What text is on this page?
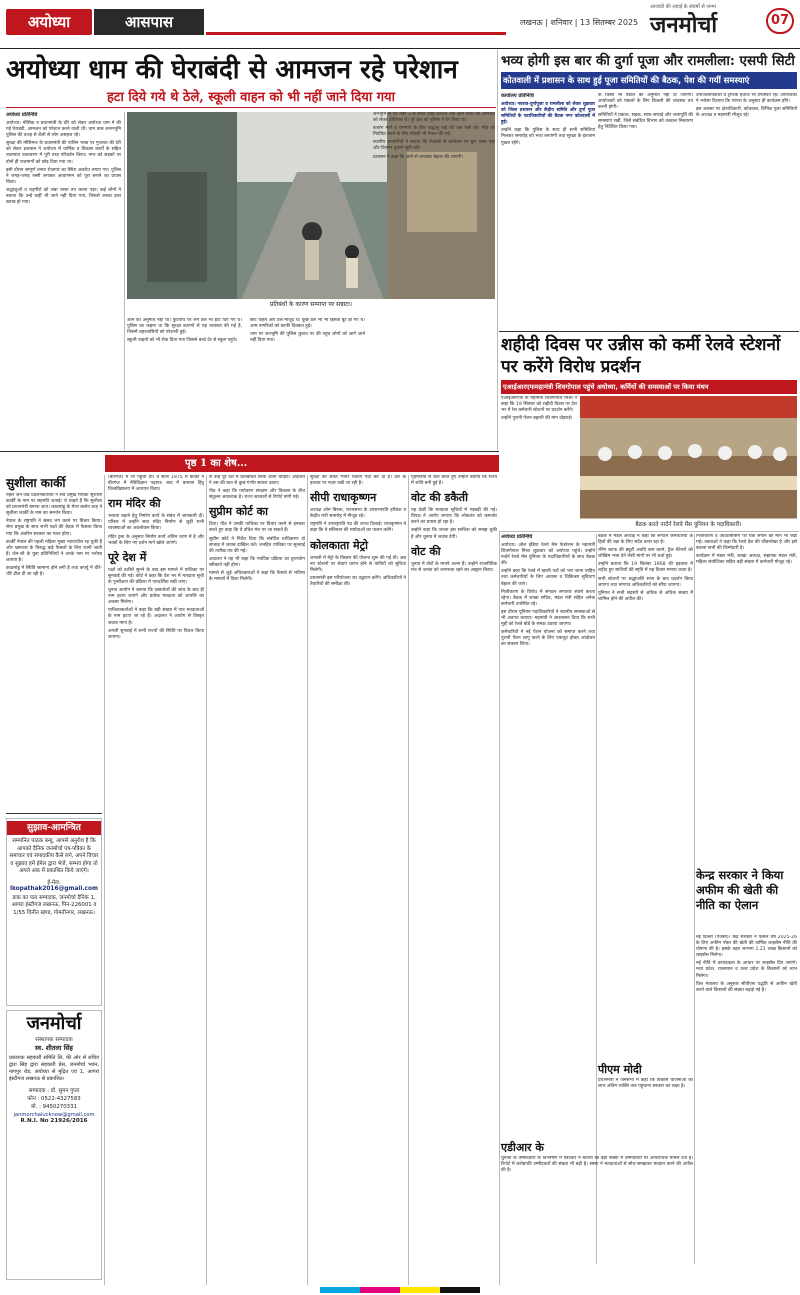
अयोध्या	आसपास	लखनऊ | शनिवार | 13 सितम्बर 2025
आजादी की लड़ाई के संघर्षों से जन्मा
जनमोर्चा	07
अयोध्या धाम की घेराबंदी से आमजन रहे परेशान
हटा दिये गये थे ठेले, स्कूली वाहन को भी नहीं जाने दिया गया
अयोध्या प्रतिनिधि

अयोध्या। मौसिक व प्रधानमंत्री के दौरे को लेकर अयोध्या धाम में की गई घेराबंदी, आमजन को परेशान करने वाली थी। धाम वास जनमभूमि पुलिस की वजह से शैली से लोग असहज रहे।

सुरक्षा की मौसिमज के प्रधानमंत्री की पालिन भक्त पर गुजरात की देरी को लेकर प्रशासन ने अयोध्या में धार्मिक व विकास कार्यों के सहित यातायात वातावरण में पूरी तरह परिवर्तन किया। नगर को सड़कों पर दोनों ही राजमार्गों को छोड़ दिया गया था।

इसी दौरान सम्पूर्ण तनाव रोज़गार का स्थिरा अवरोध लगाए गए। पुलिस ने जगह-जगह रस्सी लगाकर आवागमन को पूरा बनाने का प्रयास किया।

श्रद्धालुओं व राहगीरों को लंबा रास्ता तय करना पड़ा। कई लोगों ने बताया कि उन्हें कहीं भी जाने नहीं दिया गया, जिससे उनका हाल खराब हो गया।

प्रतिबंधों के कारण सम्पाप्त पर सन्नाटा।

आने की अनुमति नहीं थी। फुटपाथ पर लगे ठेले भी हटा दिए गए थे। पुलिस का कहना था कि सुरक्षा कारणों से यह व्यवस्था की गई है, जिसमें शहरवासियों को परेशानी हुई।

स्कूली वाहनों को भी रोक दिया गया जिससे बच्चे देर से स्कूल पहुंचे।

छोटे वाहन और ठेले मौजूद थे। कुछ ठेले भी भी हिंसक बूटे हो गए थे। आम नागरिकों को काफी दिक्कत हुई।

धाम पर जनभूमि की पुलिस कुटाव पर की पहुंच लोगों को आगे जाने नहीं दिया गया।

जनभूमि के गेट नंबर 3 से लेकर देखी काजल तक आने वालों को आमजन को लेकर होशियार थे। पूरे क्षेत्र को पुलिस ने घेर लिया था।

बजरंग मार्ग व राममार्ग के बीच श्रद्धालु कई घंटे तक फंसे रहे। भीड़ को नियंत्रित करने के लिए पीएसी भी तैनात की गई।

स्थानीय व्यापारियों ने बताया कि घेराबंदी से कारोबार पर बुरा असर पड़ा और दिनभर दुकानें सूनी रहीं।

प्रशासन ने कहा कि आगे से व्यवस्था बेहतर की जाएगी।

भव्य होगी इस बार की दुर्गा पूजा और रामलीला: एसपी सिटी
कोतवाली में प्रशासन के साथ हुई पूजा समितियों की बैठक, पेश की गयीं समस्याएं
कार्यालय प्रतिनिधि

अयोध्या। नवरात्र-दुर्गापूजा व रामलीला को लेकर शुक्रवार को जिला प्रशासन और केंद्रीय समिति और दुर्गा पूजा समितियों के पदाधिकारियों की बैठक नगर कोतवाली में हुई।

उन्होंने कहा कि पुलिस के साथ ही सभी समितियां मिलकर समारोह को भव्य बनाएंगी तथा सुरक्षा के इंतजाम पुख्ता रहेंगे।

के किसी भी पंडाल की अनुमति नहीं दी जाएगी। आयोजकों को पंडालों के लिए बिजली की व्यवस्था तय करनी होगी।

समितियों ने प्रकाश, सड़क, साफ-सफाई और जलापूर्ति की समस्याएं रखीं, जिसे संबंधित विभाग को तत्काल निस्तारण हेतु निर्देशित किया गया।

उपजिलाधिकारी व ट्रैफिक इंचार्ज भी उपस्थित रहे। आयोजकों ने भरोसा दिलाया कि परंपरा के अनुसार ही कार्यक्रम होंगे।

इस अवसर पर क्षेत्राधिकारी, कोतवाल, विभिन्न पूजा समितियों के अध्यक्ष व महामंत्री मौजूद रहे।

शहीदी दिवस पर उन्नीस को कर्मी रेलवे स्टेशनों पर करेंगे विरोध प्रदर्शन
एआईआरएफमहामंत्री शिवगोपाल पहुंचे अयोध्या, कर्मियों की समस्याओं पर किया मंथन
बैठक करते नार्दर्न रेलवे मेंस यूनियन के पदाधिकारी।

एआईआरएफ के महामंत्री शिवगोपाल मिश्रा ने कहा कि 19 सितंबर को शहीदी दिवस पर देश भर में रेल कर्मचारी स्टेशनों पर प्रदर्शन करेंगे।

उन्होंने पुरानी पेंशन बहाली की मांग दोहराई।

अयोध्या प्रतिनिधि

अयोध्या। ऑल इंडिया रेलवे मेंस फेडरेशन के महामंत्री शिवगोपाल मिश्रा शुक्रवार को अयोध्या पहुंचे। उन्होंने नार्दर्न रेलवे मेंस यूनियन के पदाधिकारियों के साथ बैठक की।

उन्होंने कहा कि रेलवे में खाली पदों को भरा जाना चाहिए तथा कर्मचारियों के लिए आवास व चिकित्सा सुविधाएं बेहतर की जाएं।

निजीकरण के विरोध में संगठन लगातार संघर्ष करता रहेगा। बैठक में शाखा सचिव, मंडल मंत्री सहित अनेक कर्मचारी उपस्थित रहे।

इस दौरान यूनियन पदाधिकारियों ने स्थानीय समस्याओं से भी अवगत कराया। महामंत्री ने आश्वासन दिया कि सभी मुद्दों को रेलवे बोर्ड के समक्ष उठाया जाएगा।

कर्मचारियों ने नई पेंशन योजना को समाप्त करने तथा पुरानी पेंशन लागू करने के लिए एकजुट होकर आंदोलन का संकल्प लिया।

बैठक में मंडल अध्यक्ष ने कहा कि संगठन कर्मचारियों के हितों की रक्षा के लिए सदैव तत्पर रहा है।

रनिंग स्टाफ की ड्यूटी अवधि कम करने, ट्रैक मेंटेनरों को जोखिम भत्ता देने जैसी मांगों पर भी चर्चा हुई।

उन्होंने बताया कि 19 सितंबर 1968 की हड़ताल में शहीद हुए साथियों की स्मृति में यह दिवस मनाया जाता है।

सभी स्टेशनों पर श्रद्धांजलि सभा के बाद प्रदर्शन किया जाएगा तथा मांगपत्र अधिकारियों को सौंपा जाएगा।

यूनियन ने सभी सदस्यों से अधिक से अधिक संख्या में शामिल होने की अपील की।

निजीकरण व आउटसोर्सिंग पर रोक लगाने की मांग भी रखी गई। वक्ताओं ने कहा कि रेलवे देश की जीवनरेखा है और इसे बचाना सभी की जिम्मेदारी है।

कार्यक्रम में मंडल मंत्री, शाखा अध्यक्ष, सहायक मंडल मंत्री, महिला संयोजिका सहित बड़ी संख्या में कर्मचारी मौजूद रहे।

केन्द्र सरकार ने किया अफीम की खेती की नीति का ऐलान

नई दिल्ली (एजेंसी)। केंद्र सरकार ने फसल वर्ष 2025-26 के लिए अफीम पोस्त की खेती की वार्षिक लाइसेंस नीति की घोषणा की है। इसके तहत लगभग 1.21 लाख किसानों को लाइसेंस मिलेगा।

नई नीति में उत्पादकता के आधार पर लाइसेंस दिए जाएंगे। मध्य प्रदेश, राजस्थान व उत्तर प्रदेश के किसानों को लाभ मिलेगा।

वित्त मंत्रालय के अनुसार सीपीएस पद्धति से अफीम खेती करने वाले किसानों की संख्या बढ़ाई गई है।

पृष्ठ 1 का शेष...
सुशीला कार्की

पहले जेन-जेड प्रदर्शनकारियों ने सर्व प्रमुख मेरिका सुशीला कार्की के नाम पर सहमति जताई। चे चाहते हैं कि सुशीला को प्रधानमंत्री बनाया जाए। काठमांडू के मेयर बालेन शाह ने सुशीला कार्की के नाम का समर्थन किया।

नेपाल के राष्ट्रपति ने संसद भंग करने पर विचार किया। सेना प्रमुख के साथ सभी पक्षों की बैठक में फैसला किया गया कि अंतरिम सरकार का गठन होगा।

कार्की नेपाल की पहली महिला मुख्य न्यायाधीश रह चुकी हैं और भ्रष्टाचार के विरुद्ध कड़े फैसलों के लिए जानी जाती हैं। जेन-जी के युवा प्रतिनिधियों ने उनके नाम पर भरोसा जताया है।

काठमांडू में स्थिति सामान्य होने लगी है तथा कर्फ्यू में धीरे-धीरे ढील दी जा रही है।

सुझाव-आमन्त्रित
सम्मानित पाठक बन्धु, आपसे अनुरोध है कि आपको दैनिक जनमोर्चा पत्र-पत्रिका के समाचार एवं संपादकीय कैसे लगे, अपने विचार व सुझाव हमें ईमेल द्वारा भेजें, सम्भव होगा तो अगले अंक में प्रकाशित किये जाएंगे।
ई-मेल:
lkopathak2016@gmail.com
डाक का पता सम्पादक, जनमोर्चा दैनिक 1, आगरा इंस्टीगज लखनऊ, पिन-226001 व 1/55 विनीत खण्ड, गोमतीनगर, लखनऊ।
जनमोर्चा
संस्थापक सम्पादक
स्व. शीतला सिंह
प्रकाशक सहकारी समिति लि. की ओर से सचिव द्वारा सिंह द्वारा सहकारी प्रेस, जनमोर्चा भवन, नागपुर रोड, अयोध्या से मुद्रित एवं 1, आगरा इंस्टीगज लखनऊ से प्रकाशित।
सम्पादक : डॉ. सुमन गुप्ता
फोन : 0522-4327583
मो. : 9450270331
janmorchalucknow@gmail.com
R.N.I. No 21926/2016

(बीरगंज) में भी पहुंची थी। वे साल 1975 में कार्की ने बीरगंज में नेतिविज्ञान पढ़ाया। बाद में बनारस हिंदू विश्वविद्यालय में अध्ययन किया।

राम मंदिर की

भव्यता बढ़ाने हेतु निर्माण कार्य के संबंध में जानकारी दी। परिसर में उन्होंने सात मंदिर निर्माण से जुड़ी सभी व्यवस्थाओं का अवलोकन किया।

मंदिर ट्रस्ट के अनुसार निर्माण कार्य अंतिम चरण में है और भक्तों के लिए नए दर्शन मार्ग खोले जाएंगे।

पूरे देश में

पक्षों को दलीलें सुनने के बाद इस मामले में याचिका पर सुनवाई की गई। कोर्ट ने कहा कि देश भर में मतदाता सूची के पुनरीक्षण की प्रक्रिया में पारदर्शिता रखी जाए।

चुनाव आयोग ने बताया कि दस्तावेजों की जांच के बाद ही नाम हटाए जाएंगे और प्रत्येक मतदाता को आपत्ति का अवसर मिलेगा।

याचिकाकर्ताओं ने कहा कि बड़ी संख्या में पात्र मतदाताओं के नाम हटाए जा रहे हैं। अदालत ने आयोग से विस्तृत जवाब मांगा है।

अगली सुनवाई में सभी राज्यों की स्थिति पर विचार किया जाएगा।

से उन्हें पूरे देश में प्रतिबंधित किया जाना चाहिए। अदालत ने उस की बात से कुछ गंभीर सवाल उठाए।

पीठ ने कहा कि पर्यावरण संरक्षण और विकास के बीच संतुलन आवश्यक है। राज्य सरकारों से रिपोर्ट मांगी गई।

सुप्रीम कोर्ट का

दिया। पीठ ने उनकी याचिका पर विचार करने से इनकार करते हुए कहा कि वे उचित मंच पर जा सकते हैं।

सुप्रीम कोर्ट ने निर्देश दिया कि संबंधित प्राधिकरण दो सप्ताह में जवाब दाखिल करे। जनहित याचिका पर सुनवाई की तारीख तय की गई।

अदालत ने यह भी कहा कि न्यायिक प्रक्रिया का दुरुपयोग स्वीकार्य नहीं होगा।

मामले से जुड़े अधिवक्ताओं ने कहा कि फैसले से भविष्य के मामलों में दिशा मिलेगी।

सुरक्षा को लेकर गंभीर चिंताएं पैदा कर दी हैं। देश के हालात पर नज़र रखी जा रही है।

सीपी राधाकृष्णन

अध्यक्ष ओम बिरला, राज्यसभा के उपसभापति हरिवंश व केंद्रीय मंत्री समारोह में मौजूद रहे।

राष्ट्रपति ने उपराष्ट्रपति पद की शपथ दिलाई। राधाकृष्णन ने कहा कि वे संविधान की मर्यादाओं का पालन करेंगे।

कोलकाता मेट्रो

जनवरी में मेट्रो के विस्तार की योजना शुरू की गई थी। अब नए स्टेशनों पर सेवाएं प्रारंभ होने से यात्रियों को सुविधा मिलेगी।

प्रधानमंत्री इस परियोजना का उद्घाटन करेंगे। अधिकारियों ने तैयारियों की समीक्षा की।

गृहमंत्रियों से बात करते हुए उन्होंने बताया कि राज्य में शांति बनी हुई है।

वोट की डकैती

यह देखी कि मतदाता सूचियों में गड़बड़ी की गई। विपक्ष ने आरोप लगाया कि लोकतंत्र को कमजोर करने का प्रयास हो रहा है।

उन्होंने कहा कि जनता इस साजिश को समझ चुकी है और चुनाव में जवाब देगी।

वोट की

चुनाव में वोटों के मायने अलग हैं। उन्होंने राजनीतिक मंच से जनता को जागरूक रहने का आह्वान किया।

पीएम मोदी

प्रधानमंत्री ने जनसभा में कहा कि विकास योजनाओं का लाभ अंतिम व्यक्ति तक पहुंचाना सरकार का लक्ष्य है।

एडीआर के

चुनावों के उम्मीदवारों के विश्लेषण में एडीआर ने बताया कि बड़ी संख्या में उम्मीदवारों पर आपराधिक मामले दर्ज हैं। रिपोर्ट में करोड़पति उम्मीदवारों की संख्या भी बढ़ी है। संस्था ने मतदाताओं से सोच-समझकर मतदान करने की अपील की है।
